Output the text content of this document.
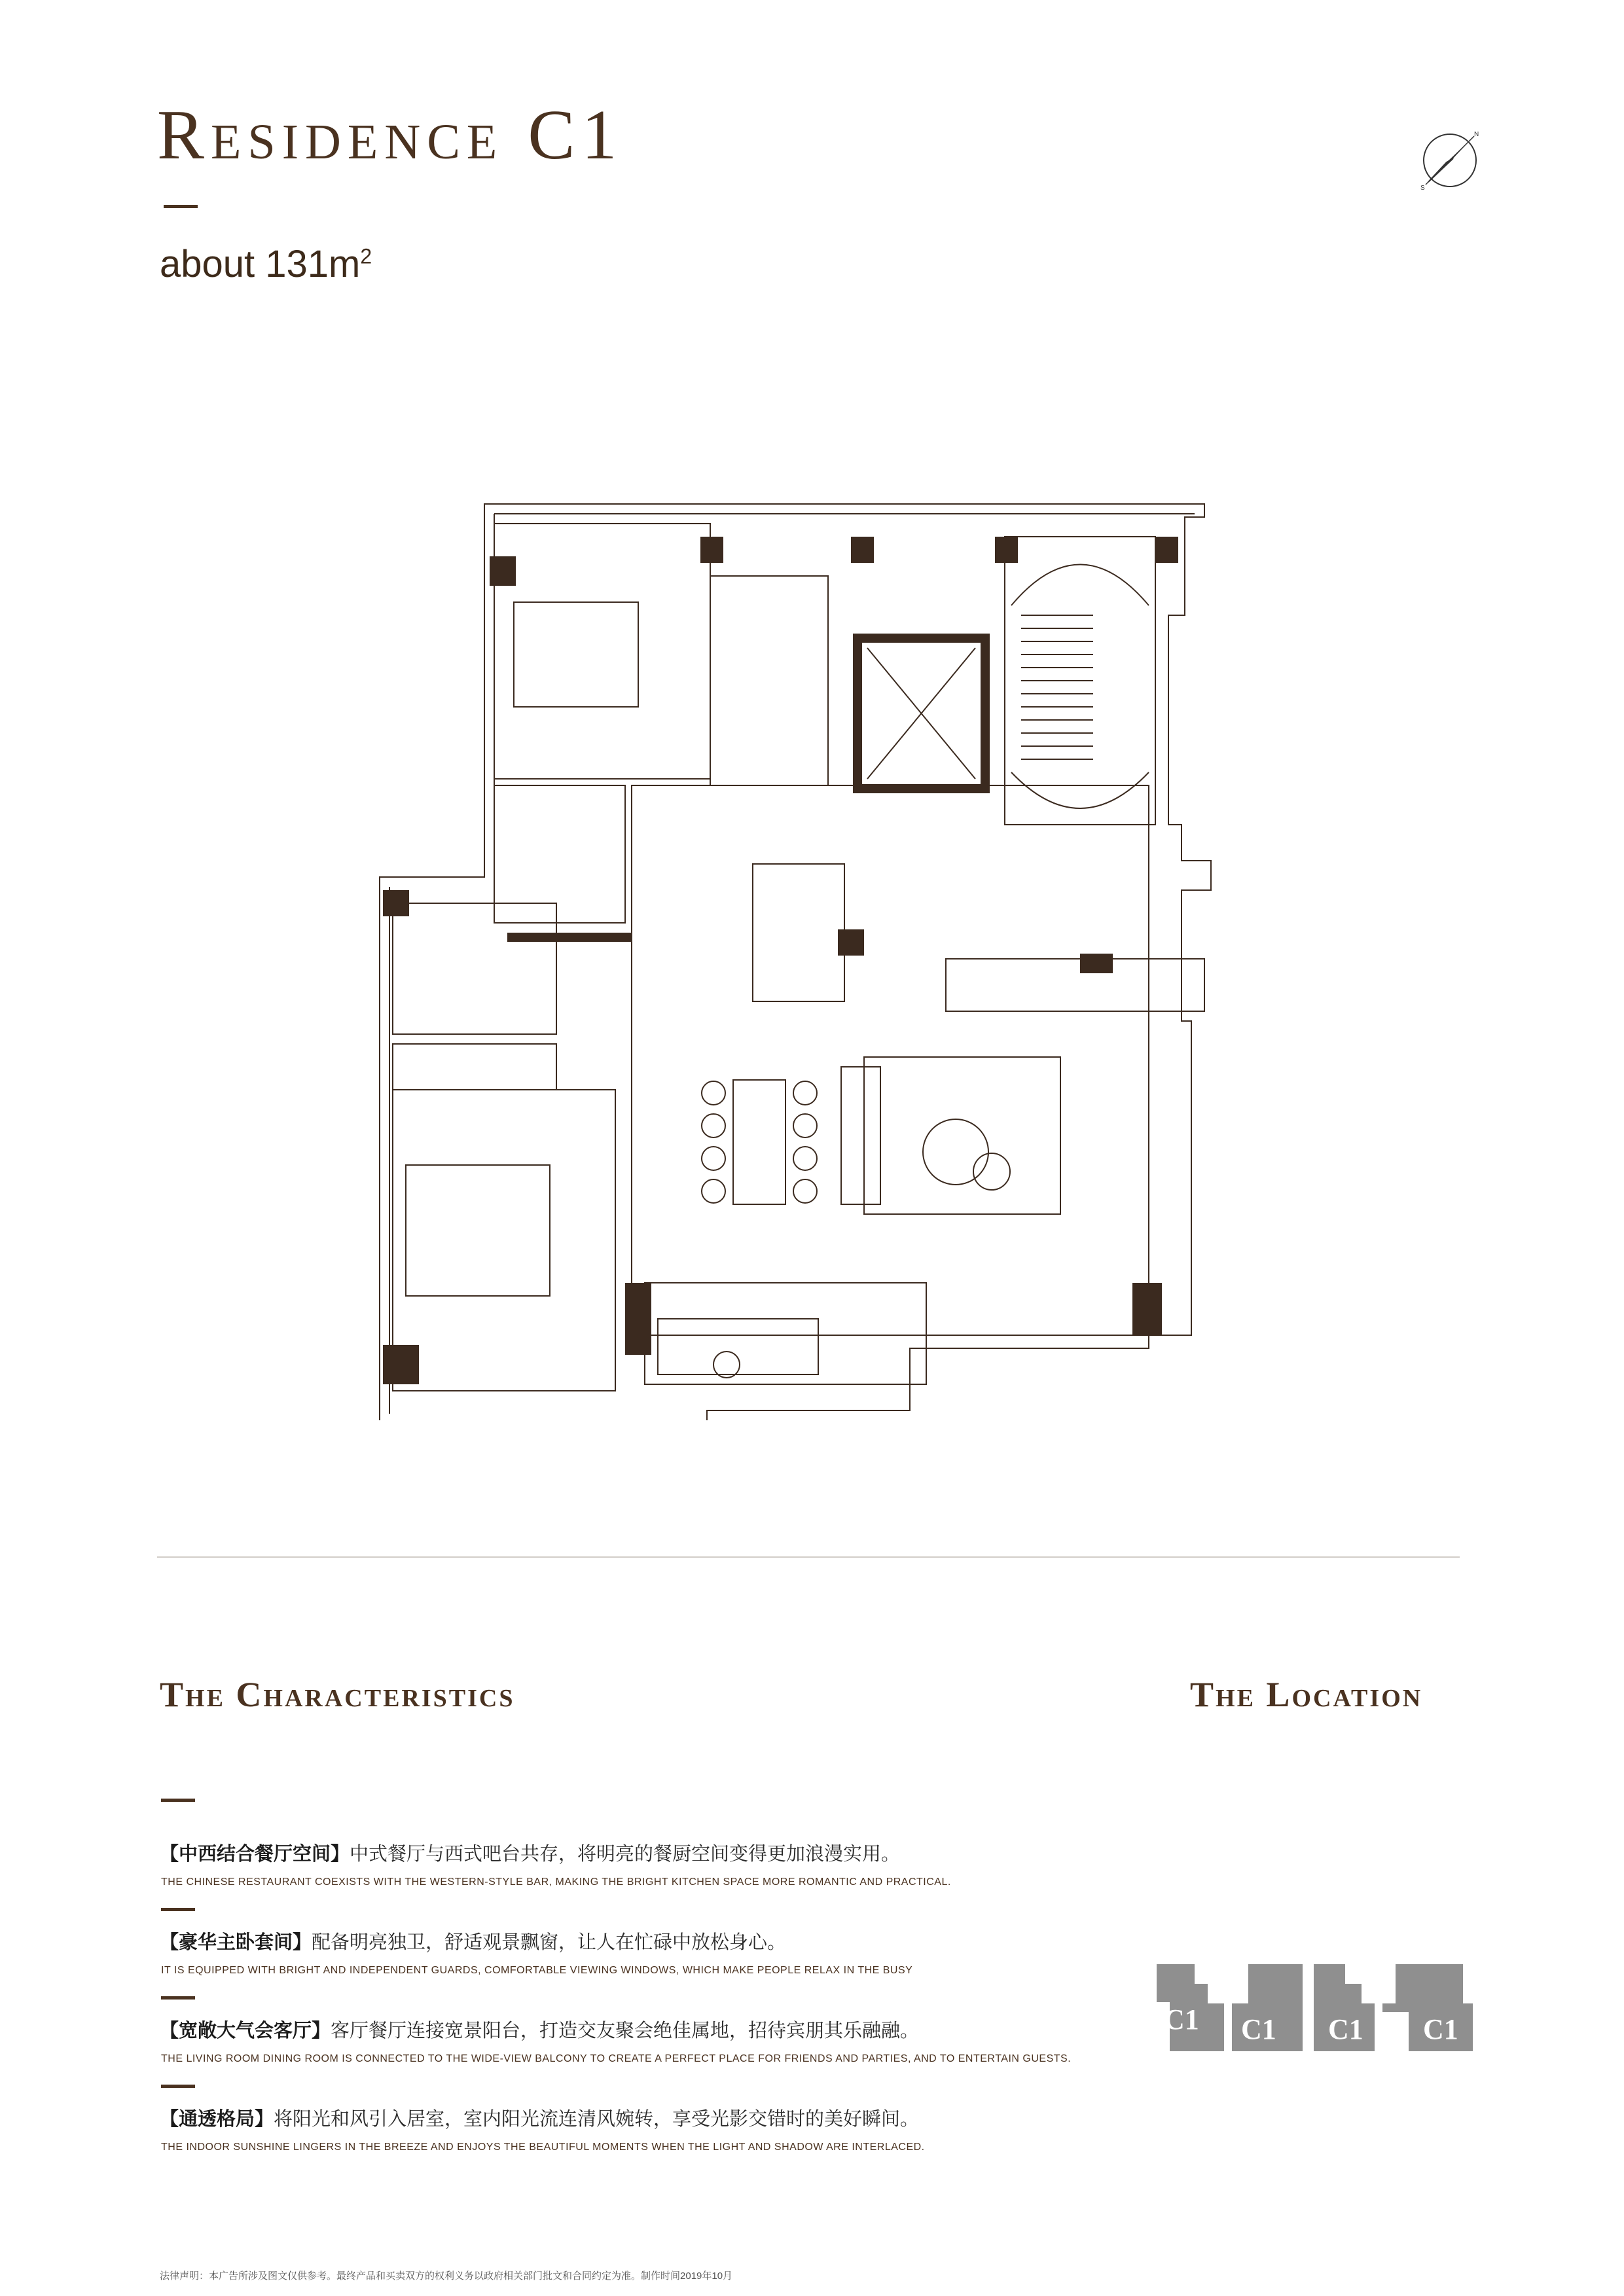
Residence C1
about $131m^2$
N
S
The Characteristics	The Location
【中西结合餐厅空间】中式餐厅与西式吧台共存，将明亮的餐厨空间变得更加浪漫实用。
THE CHINESE RESTAURANT COEXISTS WITH THE WESTERN-STYLE BAR, MAKING THE BRIGHT KITCHEN SPACE MORE ROMANTIC AND PRACTICAL.
【豪华主卧套间】配备明亮独卫，舒适观景飘窗，让人在忙碌中放松身心。
IT IS EQUIPPED WITH BRIGHT AND INDEPENDENT GUARDS, COMFORTABLE VIEWING WINDOWS, WHICH MAKE PEOPLE RELAX IN THE BUSY
【宽敞大气会客厅】客厅餐厅连接宽景阳台，打造交友聚会绝佳属地，招待宾朋其乐融融。
THE LIVING ROOM DINING ROOM IS CONNECTED TO THE WIDE-VIEW BALCONY TO CREATE A PERFECT PLACE FOR FRIENDS AND PARTIES, AND TO ENTERTAIN GUESTS.
【通透格局】将阳光和风引入居室，室内阳光流连清风婉转，享受光影交错时的美好瞬间。
THE INDOOR SUNSHINE LINGERS IN THE BREEZE AND ENJOYS THE BEAUTIFUL MOMENTS WHEN THE LIGHT AND SHADOW ARE INTERLACED.
C1 C1 C1 C1
法律声明：本广告所涉及图文仅供参考。最终产品和买卖双方的权利义务以政府相关部门批文和合同约定为准。制作时间2019年10月
